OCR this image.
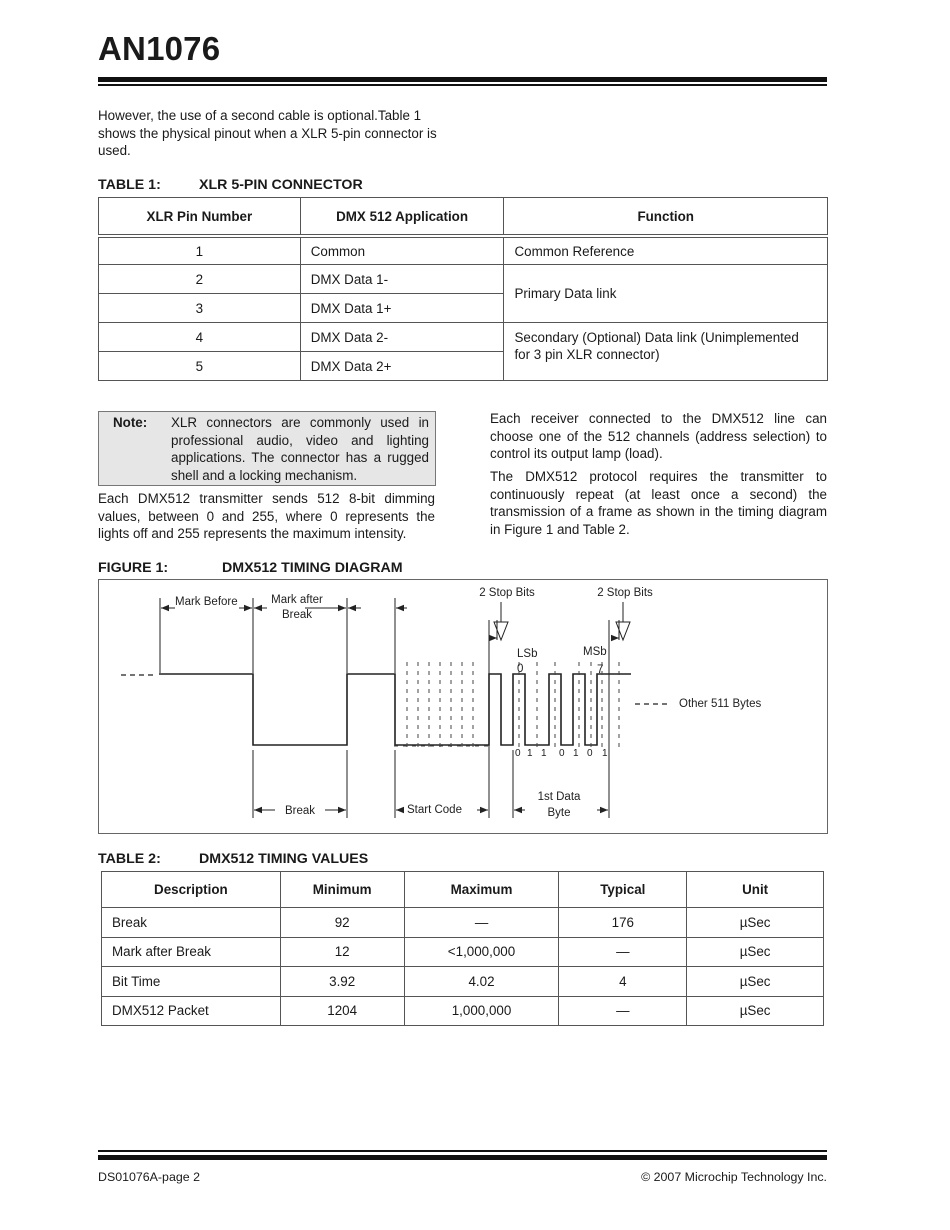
AN1076
However, the use of a second cable is optional.Table 1 shows the physical pinout when a XLR 5-pin connector is used.
TABLE 1:	XLR 5-PIN CONNECTOR
XLR Pin Number	DMX 512 Application	Function
1	Common	Common Reference
2	DMX Data 1-	Primary Data link
3	DMX Data 1+	
4	DMX Data 2-	Secondary (Optional) Data link (Unimplemented for 3 pin XLR connector)
5	DMX Data 2+	
Note: XLR connectors are commonly used in professional audio, video and lighting applications. The connector has a rugged shell and a locking mechanism.
Each DMX512 transmitter sends 512 8-bit dimming values, between 0 and 255, where 0 represents the lights off and 255 represents the maximum intensity.
Each receiver connected to the DMX512 line can choose one of the 512 channels (address selection) to control its output lamp (load).
The DMX512 protocol requires the transmitter to continuously repeat (at least once a second) the transmission of a frame as shown in the timing diagram in Figure 1 and Table 2.
FIGURE 1:	DMX512 TIMING DIAGRAM
Mark Before	Mark after
Break
2 Stop Bits	2 Stop Bits
LSb
0
MSb
7
Other 511 Bytes
Break	Start Code
1st Data
Byte
0 1 1 0 1 0 1
TABLE 2:	DMX512 TIMING VALUES
Description	Minimum	Maximum	Typical	Unit
Break	92	—	176	µSec
Mark after Break	12	<1,000,000	—	µSec
Bit Time	3.92	4.02	4	µSec
DMX512 Packet	1204	1,000,000	—	µSec
DS01076A-page 2	© 2007 Microchip Technology Inc.
